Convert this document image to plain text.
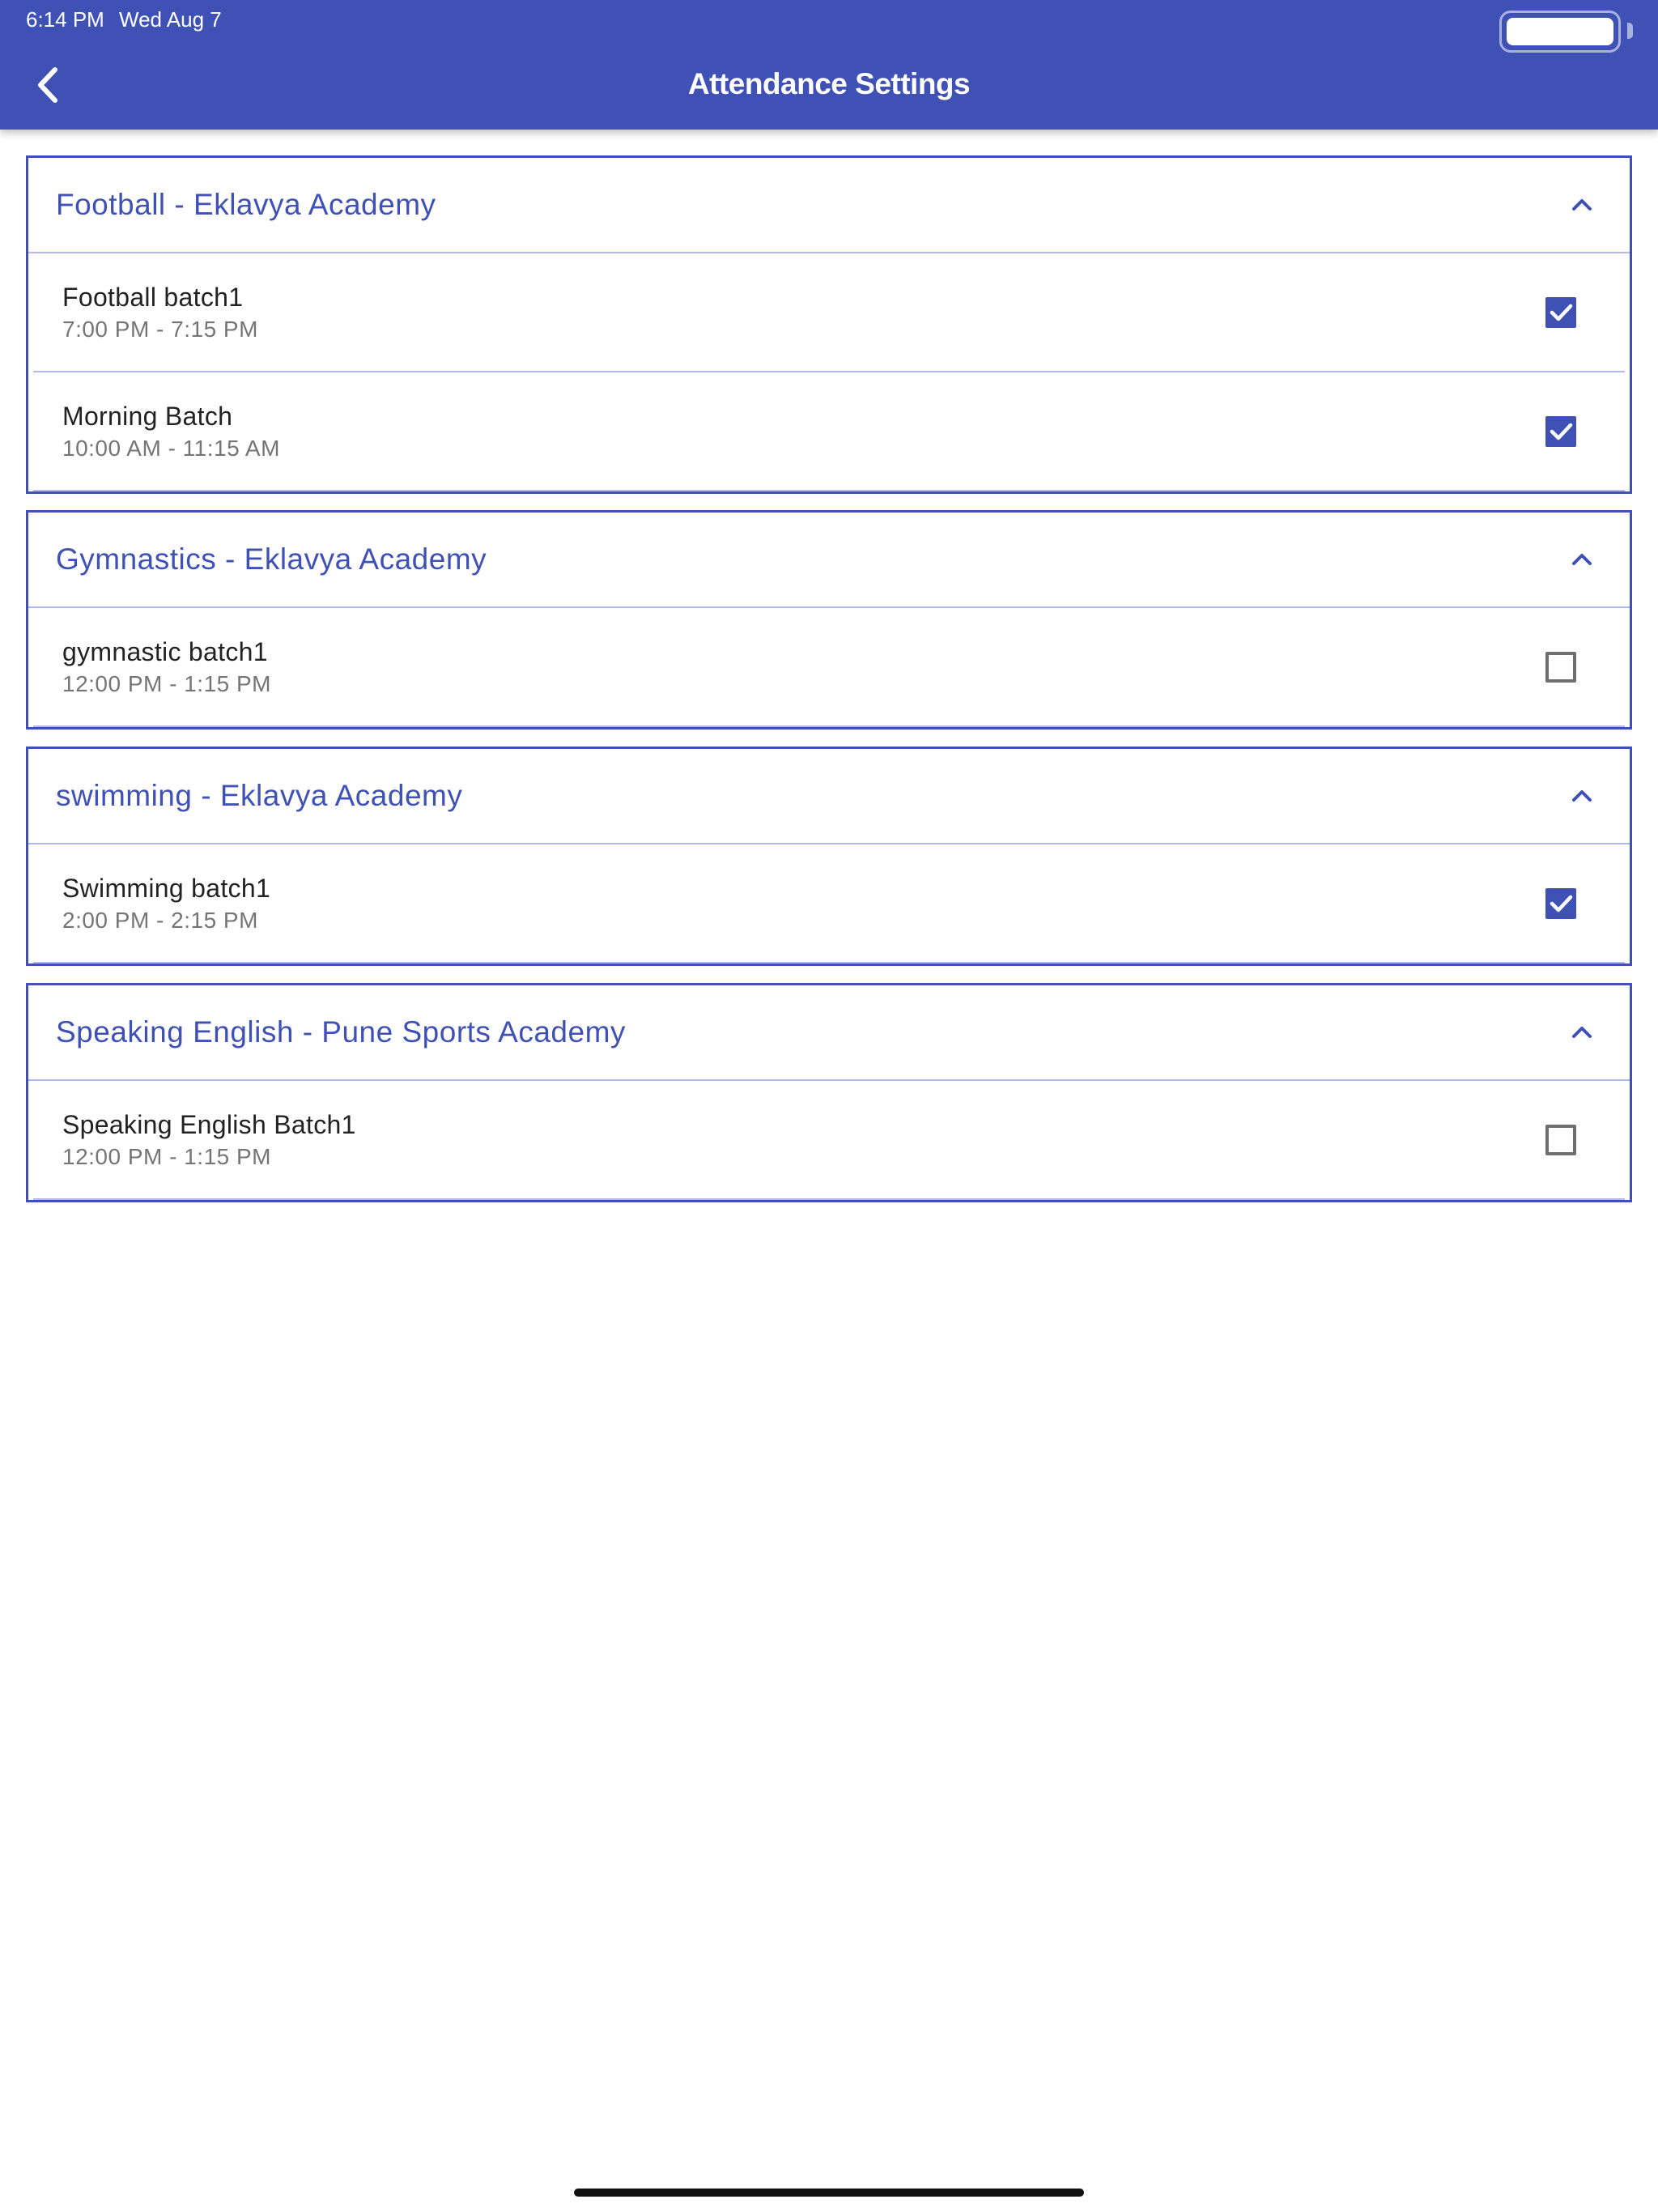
6:14 PM Wed Aug 7
Attendance Settings
Football - Eklavya Academy
Football batch1
7:00 PM - 7:15 PM
Morning Batch
10:00 AM - 11:15 AM
Gymnastics - Eklavya Academy
gymnastic batch1
12:00 PM - 1:15 PM
swimming - Eklavya Academy
Swimming batch1
2:00 PM - 2:15 PM
Speaking English - Pune Sports Academy
Speaking English Batch1
12:00 PM - 1:15 PM
